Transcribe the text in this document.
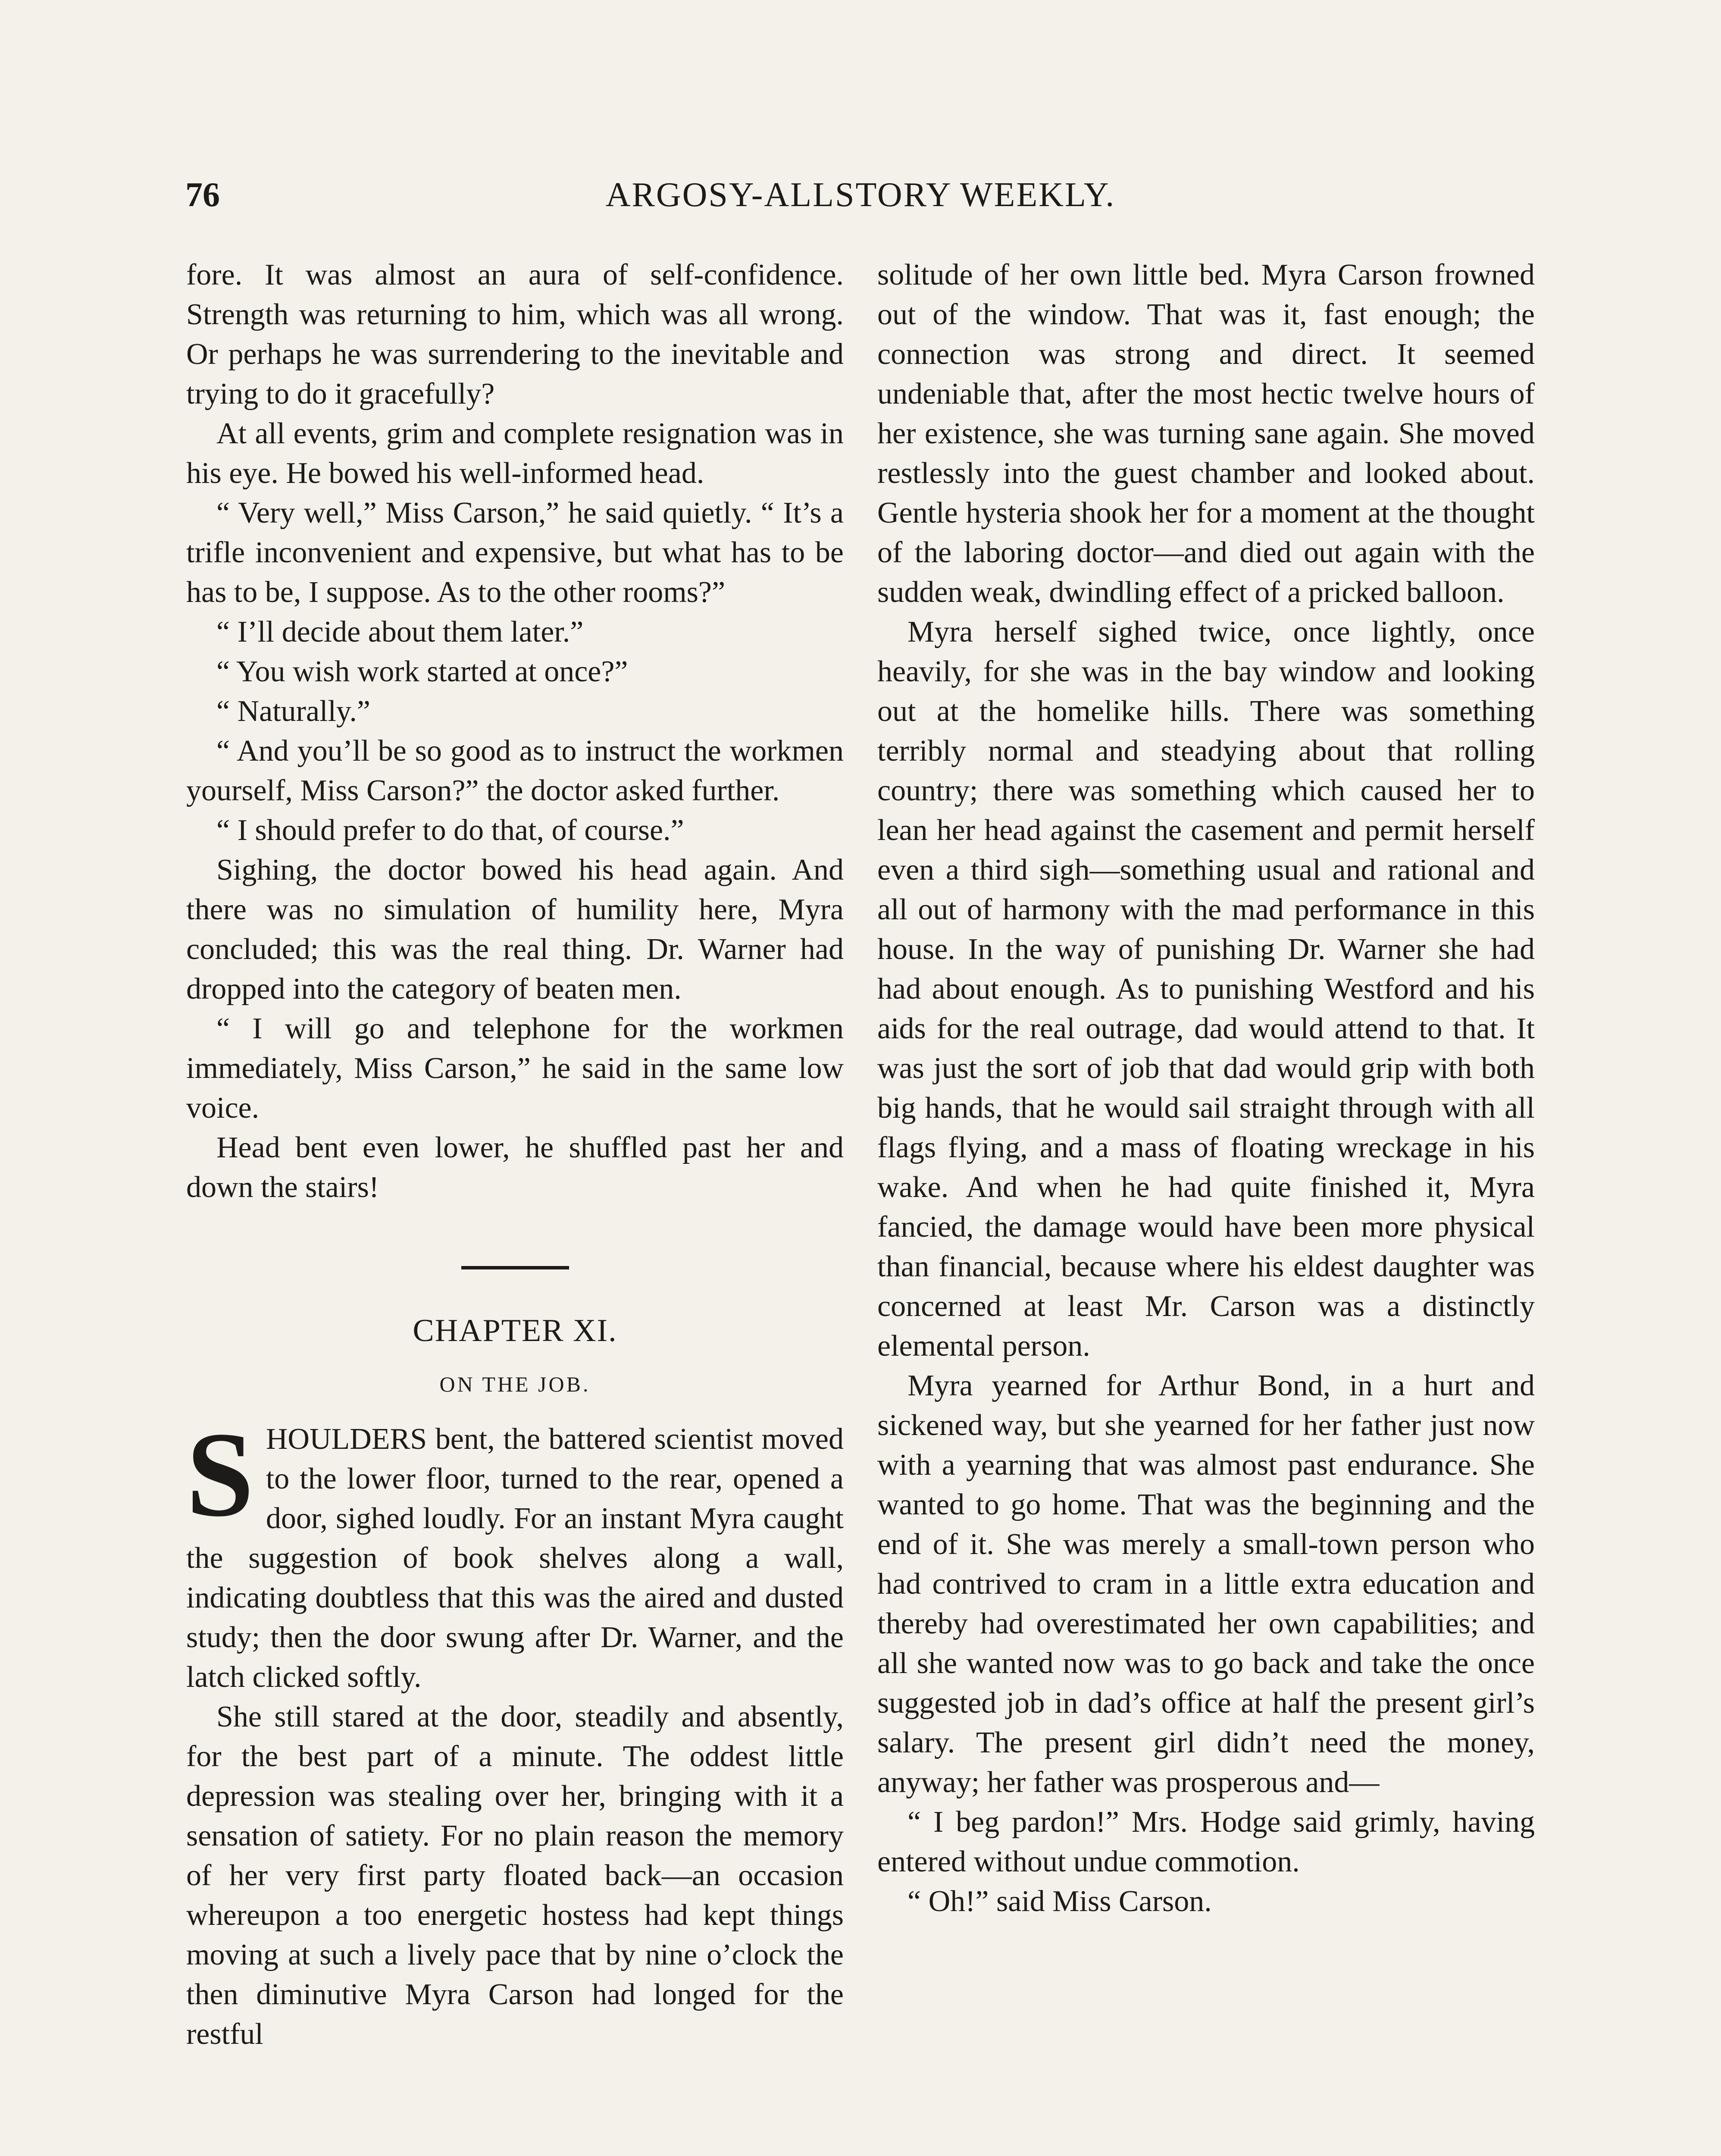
76	ARGOSY-ALLSTORY WEEKLY.

fore. It was almost an aura of self-confidence. Strength was returning to him, which was all wrong. Or perhaps he was surrendering to the inevitable and trying to do it gracefully?

At all events, grim and complete resignation was in his eye. He bowed his well-informed head.

“ Very well,” Miss Carson,” he said quietly. “ It’s a trifle inconvenient and expensive, but what has to be has to be, I suppose. As to the other rooms?”

“ I’ll decide about them later.”

“ You wish work started at once?”

“ Naturally.”

“ And you’ll be so good as to instruct the workmen yourself, Miss Carson?” the doctor asked further.

“ I should prefer to do that, of course.”

Sighing, the doctor bowed his head again. And there was no simulation of humility here, Myra concluded; this was the real thing. Dr. Warner had dropped into the category of beaten men.

“ I will go and telephone for the workmen immediately, Miss Carson,” he said in the same low voice.

Head bent even lower, he shuffled past her and down the stairs!

CHAPTER XI.
ON THE JOB.

SHOULDERS bent, the battered scientist moved to the lower floor, turned to the rear, opened a door, sighed loudly. For an instant Myra caught the suggestion of book shelves along a wall, indicating doubtless that this was the aired and dusted study; then the door swung after Dr. Warner, and the latch clicked softly.

She still stared at the door, steadily and absently, for the best part of a minute. The oddest little depression was stealing over her, bringing with it a sensation of satiety. For no plain reason the memory of her very first party floated back—an occasion whereupon a too energetic hostess had kept things moving at such a lively pace that by nine o’clock the then diminutive Myra Carson had longed for the restful

solitude of her own little bed. Myra Carson frowned out of the window. That was it, fast enough; the connection was strong and direct. It seemed undeniable that, after the most hectic twelve hours of her existence, she was turning sane again. She moved restlessly into the guest chamber and looked about. Gentle hysteria shook her for a moment at the thought of the laboring doctor—and died out again with the sudden weak, dwindling effect of a pricked balloon.

Myra herself sighed twice, once lightly, once heavily, for she was in the bay window and looking out at the homelike hills. There was something terribly normal and steadying about that rolling country; there was something which caused her to lean her head against the casement and permit herself even a third sigh—something usual and rational and all out of harmony with the mad performance in this house. In the way of punishing Dr. Warner she had had about enough. As to punishing Westford and his aids for the real outrage, dad would attend to that. It was just the sort of job that dad would grip with both big hands, that he would sail straight through with all flags flying, and a mass of floating wreckage in his wake. And when he had quite finished it, Myra fancied, the damage would have been more physical than financial, because where his eldest daughter was concerned at least Mr. Carson was a distinctly elemental person.

Myra yearned for Arthur Bond, in a hurt and sickened way, but she yearned for her father just now with a yearning that was almost past endurance. She wanted to go home. That was the beginning and the end of it. She was merely a small-town person who had contrived to cram in a little extra education and thereby had overestimated her own capabilities; and all she wanted now was to go back and take the once suggested job in dad’s office at half the present girl’s salary. The present girl didn’t need the money, anyway; her father was prosperous and—

“ I beg pardon!” Mrs. Hodge said grimly, having entered without undue commotion.

“ Oh!” said Miss Carson.
